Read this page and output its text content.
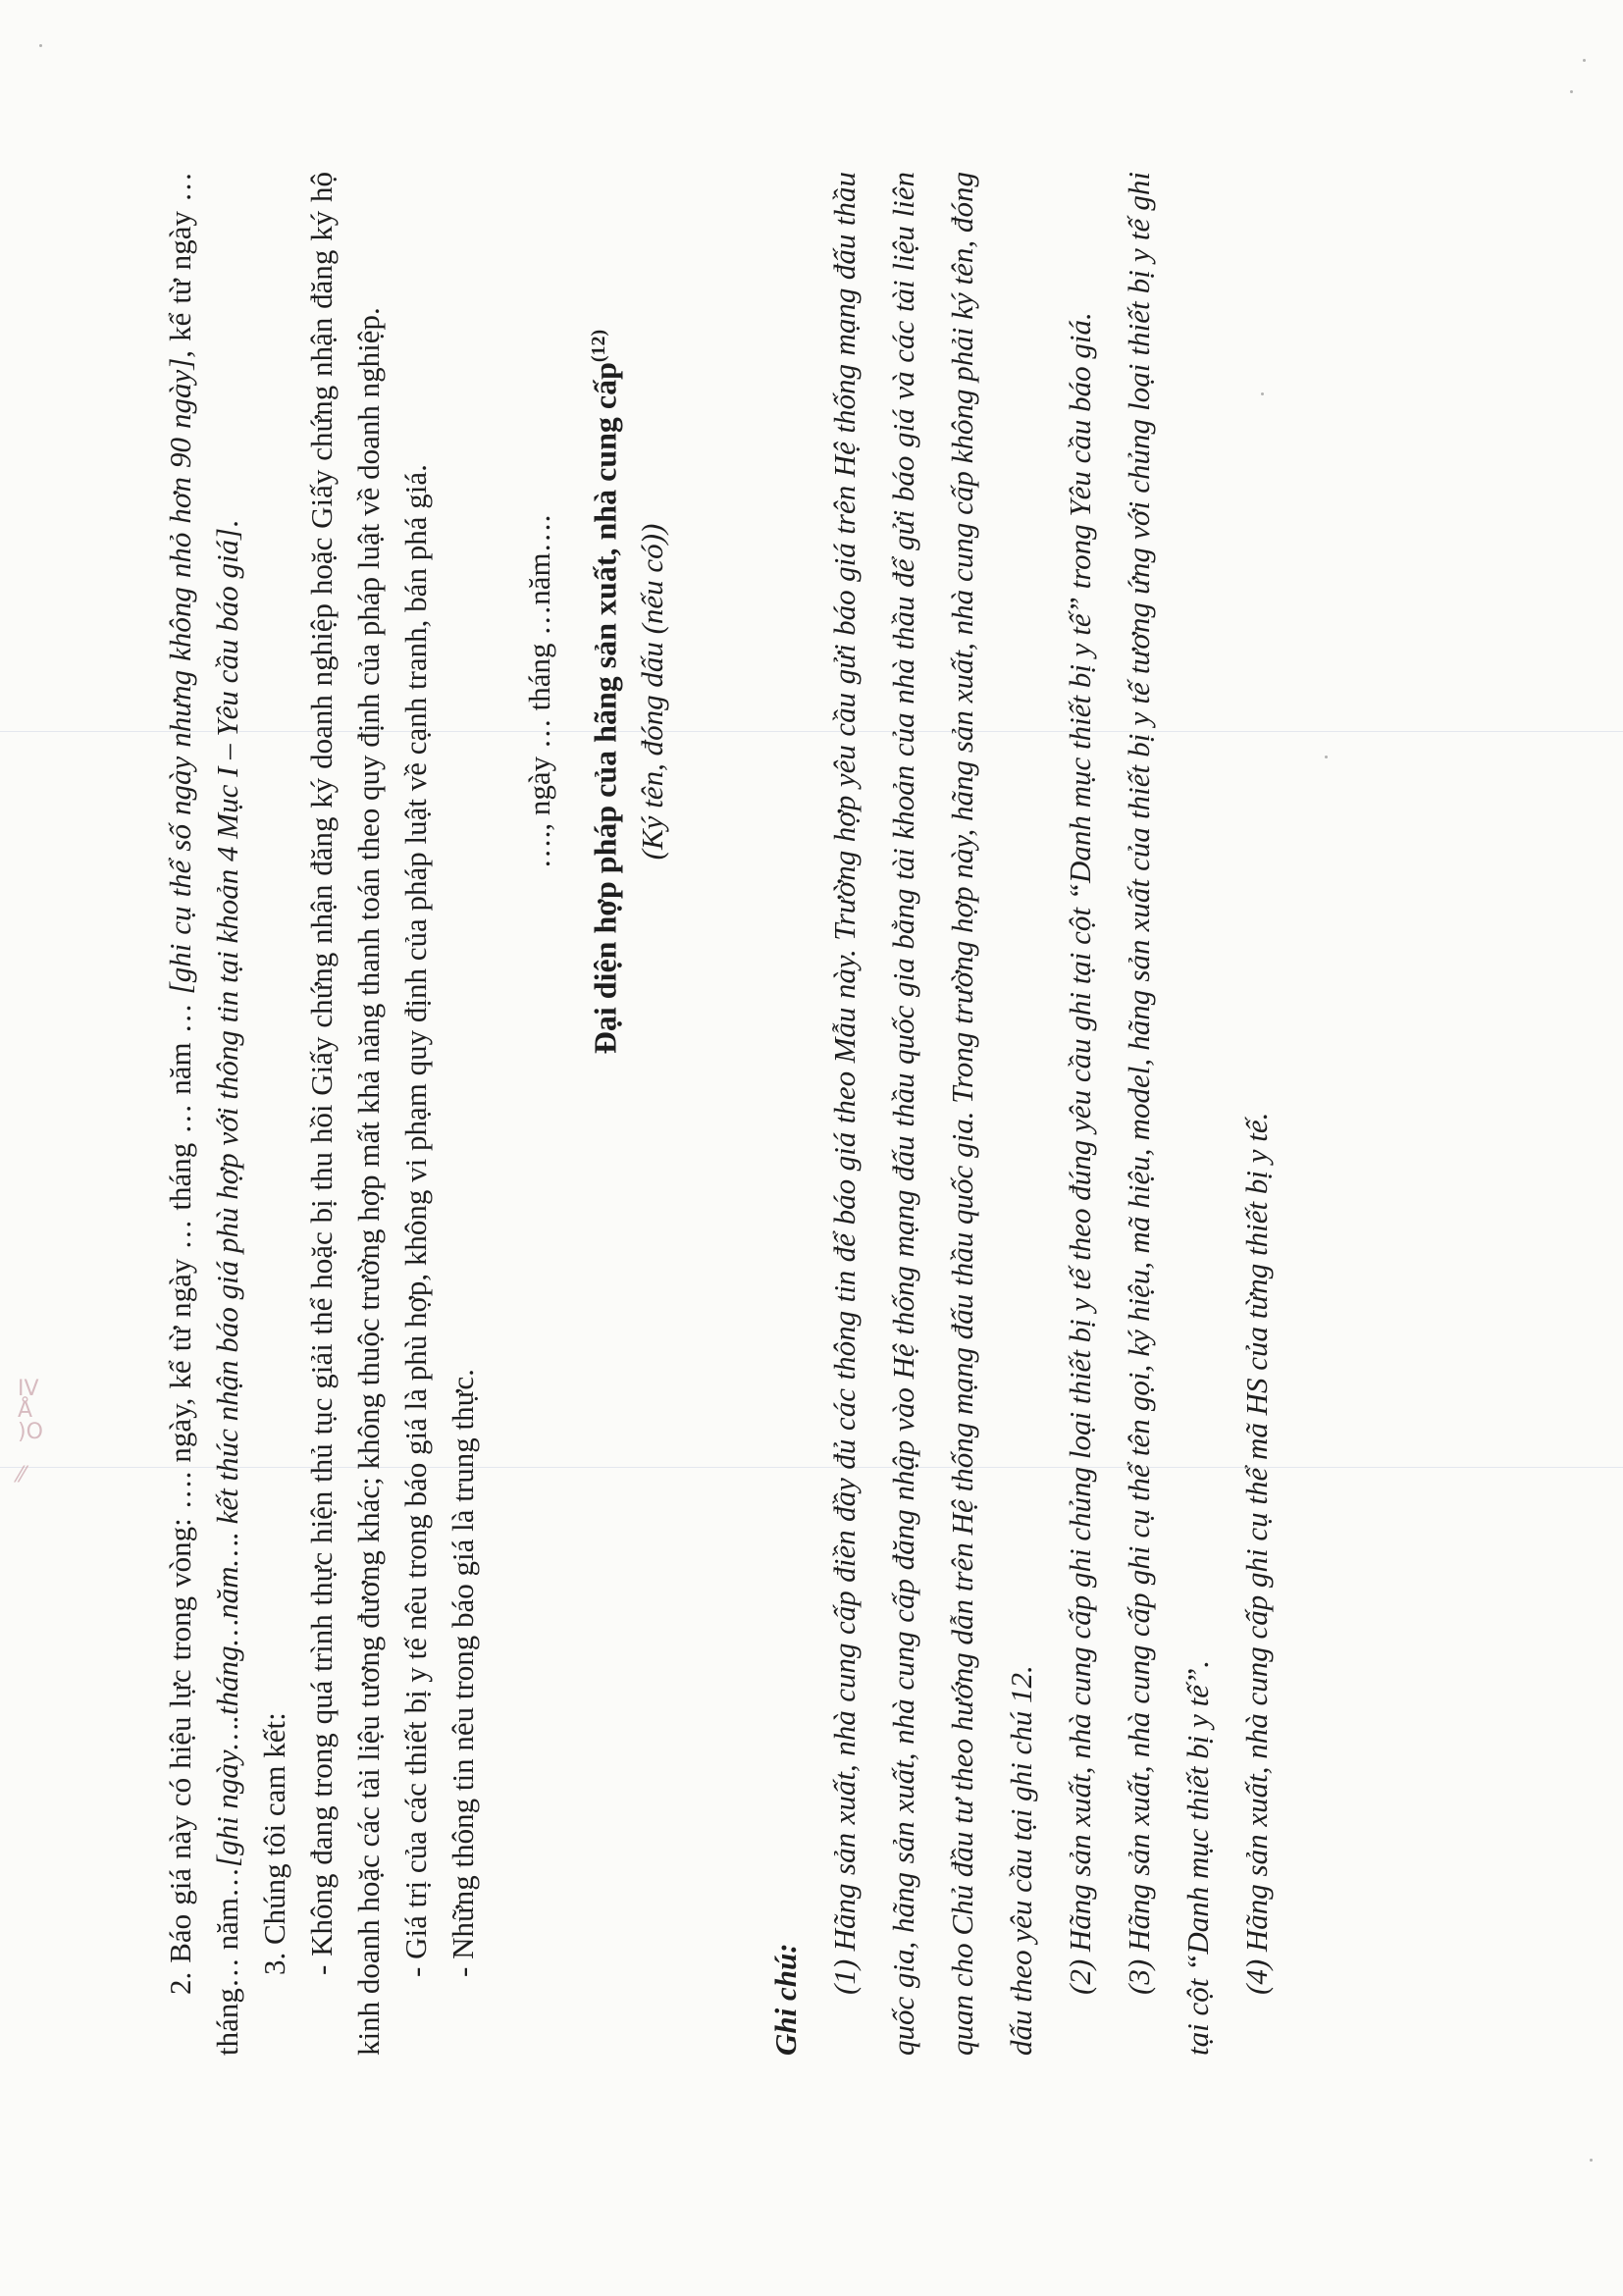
IV
Å
)O

⁄⁄	2. Báo giá này có hiệu lực trong vòng: …. ngày, kể từ ngày … tháng … năm … [ghi cụ thể số ngày nhưng không nhỏ hơn 90 ngày], kể từ ngày … tháng… năm…[ghi ngày….tháng…năm…. kết thúc nhận báo giá phù hợp với thông tin tại khoản 4 Mục I – Yêu cầu báo giá].

3. Chúng tôi cam kết: - Không đang trong quá trình thực hiện thủ tục giải thể hoặc bị thu hồi Giấy chứng nhận đăng ký doanh nghiệp hoặc Giấy chứng nhận đăng ký hộ kinh doanh hoặc các tài liệu tương đương khác; không thuộc trường hợp mất khả năng thanh toán theo quy định của pháp luật về doanh nghiệp. - Giá trị của các thiết bị y tế nêu trong báo giá là phù hợp, không vi phạm quy định của pháp luật về cạnh tranh, bán phá giá. - Những thông tin nêu trong báo giá là trung thực.

…., ngày … tháng …năm…. Đại diện hợp pháp của hãng sản xuất, nhà cung cấp$^{(12)}$

(Ký tên, đóng dấu (nếu có))

Ghi chú:

(1) Hãng sản xuất, nhà cung cấp điền đầy đủ các thông tin để báo giá theo Mẫu này. Trường hợp yêu cầu gửi báo giá trên Hệ thống mạng đấu thầu quốc gia, hãng sản xuất, nhà cung cấp đăng nhập vào Hệ thống mạng đấu thầu quốc gia bằng tài khoản của nhà thầu để gửi báo giá và các tài liệu liên quan cho Chủ đầu tư theo hướng dẫn trên Hệ thống mạng đấu thầu quốc gia. Trong trường hợp này, hãng sản xuất, nhà cung cấp không phải ký tên, đóng dấu theo yêu cầu tại ghi chú 12. (2) Hãng sản xuất, nhà cung cấp ghi chủng loại thiết bị y tế theo đúng yêu cầu ghi tại cột “Danh mục thiết bị y tế” trong Yêu cầu báo giá. (3) Hãng sản xuất, nhà cung cấp ghi cụ thể tên gọi, ký hiệu, mã hiệu, model, hãng sản xuất của thiết bị y tế tương ứng với chủng loại thiết bị y tế ghi tại cột “Danh mục thiết bị y tế”. (4) Hãng sản xuất, nhà cung cấp ghi cụ thể mã HS của từng thiết bị y tế.
